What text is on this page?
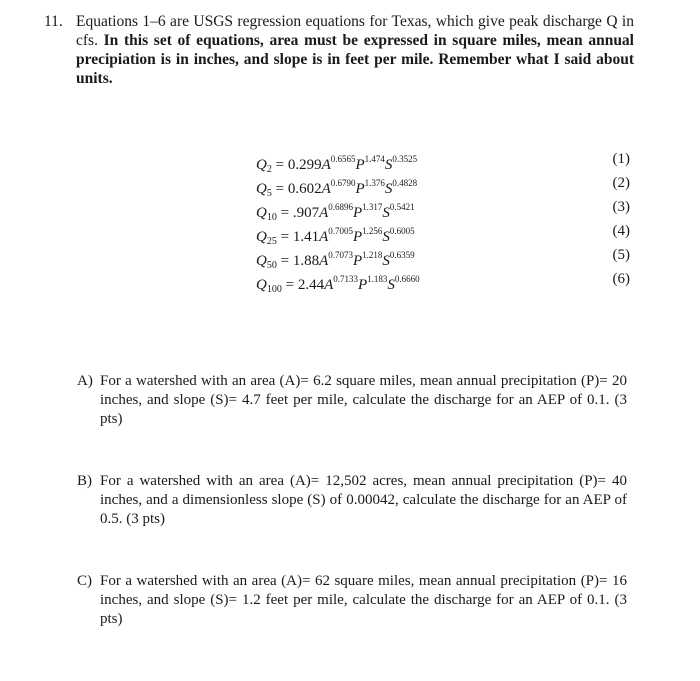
11. Equations 1–6 are USGS regression equations for Texas, which give peak discharge Q in cfs. In this set of equations, area must be expressed in square miles, mean annual precipiation is in inches, and slope is in feet per mile. Remember what I said about units.
$Q_2 = 0.299A^{0.6565}P^{1.474}S^{0.3525}$	(1)
$Q_5 = 0.602A^{0.6790}P^{1.376}S^{0.4828}$	(2)
$Q_{10} = .907A^{0.6896}P^{1.317}S^{0.5421}$	(3)
$Q_{25} = 1.41A^{0.7005}P^{1.256}S^{0.6005}$	(4)
$Q_{50} = 1.88A^{0.7073}P^{1.218}S^{0.6359}$	(5)
$Q_{100} = 2.44A^{0.7133}P^{1.183}S^{0.6660}$	(6)
A) For a watershed with an area (A)= 6.2 square miles, mean annual precipitation (P)= 20 inches, and slope (S)= 4.7 feet per mile, calculate the discharge for an AEP of 0.1. (3 pts)
B) For a watershed with an area (A)= 12,502 acres, mean annual precipitation (P)= 40 inches, and a dimensionless slope (S) of 0.00042, calculate the discharge for an AEP of 0.5. (3 pts)
C) For a watershed with an area (A)= 62 square miles, mean annual precipitation (P)= 16 inches, and slope (S)= 1.2 feet per mile, calculate the discharge for an AEP of 0.1. (3 pts)
